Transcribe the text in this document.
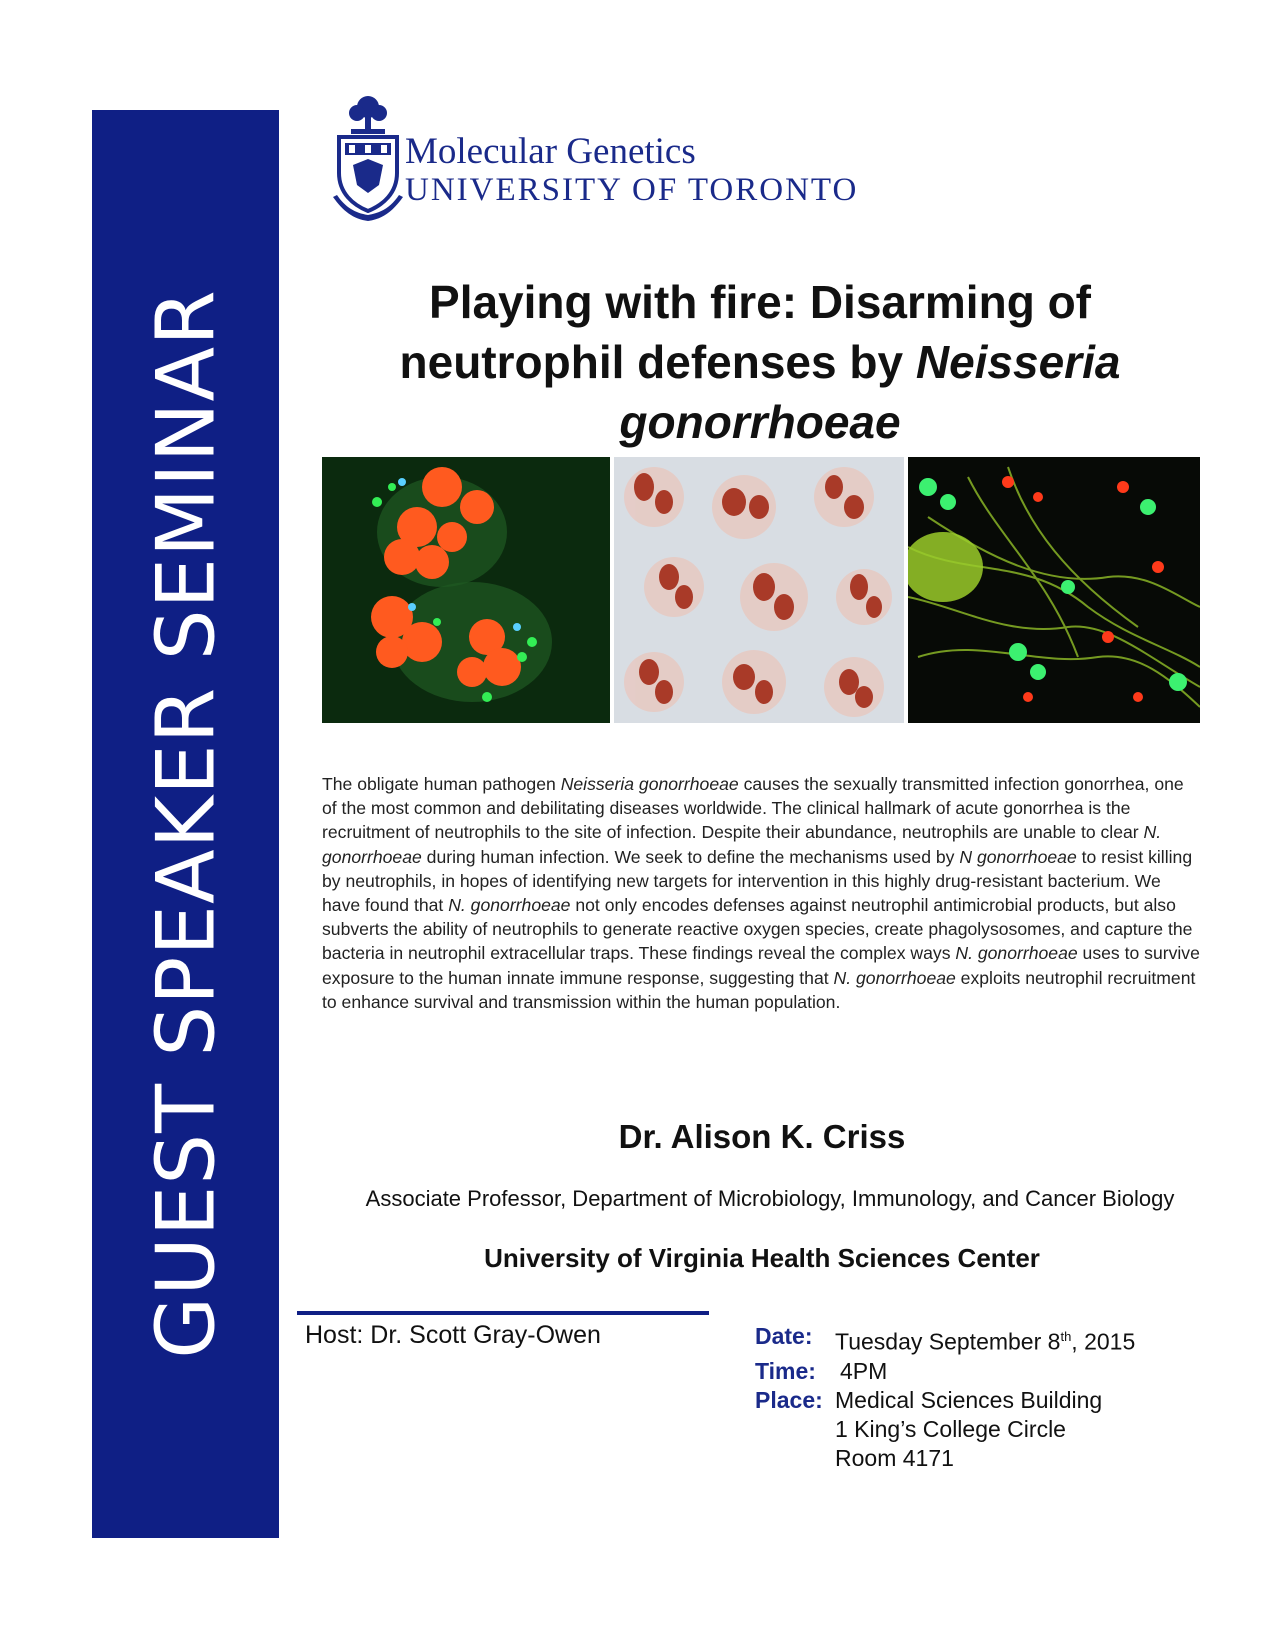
GUEST SPEAKER SEMINAR
Molecular Genetics
UNIVERSITY OF TORONTO
Playing with fire: Disarming of
neutrophil defenses by Neisseria
gonorrhoeae
The obligate human pathogen Neisseria gonorrhoeae causes the sexually transmitted infection gonorrhea, one of the most common and debilitating diseases worldwide. The clinical hallmark of acute gonorrhea is the recruitment of neutrophils to the site of infection. Despite their abundance, neutrophils are unable to clear N. gonorrhoeae during human infection. We seek to define the mechanisms used by N gonorrhoeae to resist killing by neutrophils, in hopes of identifying new targets for intervention in this highly drug-resistant bacterium. We have found that N. gonorrhoeae not only encodes defenses against neutrophil antimicrobial products, but also subverts the ability of neutrophils to generate reactive oxygen species, create phagolysosomes, and capture the bacteria in neutrophil extracellular traps. These findings reveal the complex ways N. gonorrhoeae uses to survive exposure to the human innate immune response, suggesting that N. gonorrhoeae exploits neutrophil recruitment to enhance survival and transmission within the human population.
Dr. Alison K. Criss
Associate Professor, Department of Microbiology, Immunology, and Cancer Biology
University of Virginia Health Sciences Center
Host: Dr. Scott Gray-Owen	Date: Tuesday September 8th, 2015
Time:	4PM
Place: Medical Sciences Building
1 King’s College Circle
Room 4171
